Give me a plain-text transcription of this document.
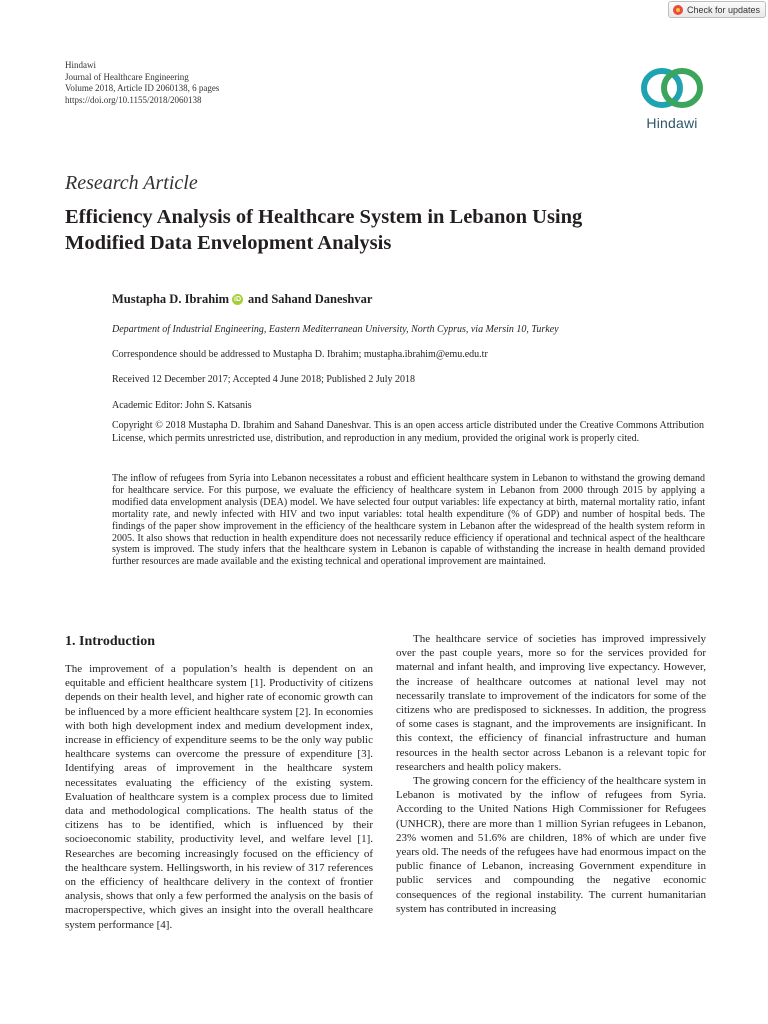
Check for updates
Hindawi
Journal of Healthcare Engineering
Volume 2018, Article ID 2060138, 6 pages
https://doi.org/10.1155/2018/2060138
Hindawi
Research Article
Efficiency Analysis of Healthcare System in Lebanon Using
Modified Data Envelopment Analysis
Mustapha D. Ibrahim iD and Sahand Daneshvar
Department of Industrial Engineering, Eastern Mediterranean University, North Cyprus, via Mersin 10, Turkey
Correspondence should be addressed to Mustapha D. Ibrahim; mustapha.ibrahim@emu.edu.tr
Received 12 December 2017; Accepted 4 June 2018; Published 2 July 2018
Academic Editor: John S. Katsanis
Copyright © 2018 Mustapha D. Ibrahim and Sahand Daneshvar. This is an open access article distributed under the Creative Commons Attribution License, which permits unrestricted use, distribution, and reproduction in any medium, provided the original work is properly cited.
The inflow of refugees from Syria into Lebanon necessitates a robust and efficient healthcare system in Lebanon to withstand the growing demand for healthcare service. For this purpose, we evaluate the efficiency of healthcare system in Lebanon from 2000 through 2015 by applying a modified data envelopment analysis (DEA) model. We have selected four output variables: life expectancy at birth, maternal mortality ratio, infant mortality rate, and newly infected with HIV and two input variables: total health expenditure (% of GDP) and number of hospital beds. The findings of the paper show improvement in the efficiency of the healthcare system in Lebanon after the widespread of the health system reform in 2005. It also shows that reduction in health expenditure does not necessarily reduce efficiency if operational and technical aspect of the healthcare system is improved. The study infers that the healthcare system in Lebanon is capable of withstanding the increase in health demand provided further resources are made available and the existing technical and operational improvement are maintained.
1. Introduction

The improvement of a population’s health is dependent on an equitable and efficient healthcare system [1]. Productivity of citizens depends on their health level, and higher rate of economic growth can be influenced by a more efficient healthcare system [2]. In economies with both high development index and medium development index, increase in efficiency of expenditure seems to be the only way public healthcare systems can overcome the pressure of expenditure [3]. Identifying areas of improvement in the healthcare system necessitates evaluating the efficiency of the existing system. Evaluation of healthcare system is a complex process due to limited data and methodological complications. The health status of the citizens has to be identified, which is influenced by their socioeconomic stability, productivity level, and welfare level [1]. Researches are becoming increasingly focused on the efficiency of the healthcare system. Hellingsworth, in his review of 317 references on the efficiency of healthcare delivery in the context of frontier analysis, shows that only a few performed the analysis on the basis of macroperspective, which gives an insight into the overall healthcare system performance [4].

The healthcare service of societies has improved impressively over the past couple years, more so for the services provided for maternal and infant health, and improving live expectancy. However, the increase of healthcare outcomes at national level may not necessarily translate to improvement of the indicators for some of the citizens who are predisposed to sicknesses. In addition, the progress of some cases is stagnant, and the improvements are insignificant. In this context, the efficiency of financial infrastructure and human resources in the health sector across Lebanon is a relevant topic for researchers and health policy makers.

The growing concern for the efficiency of the healthcare system in Lebanon is motivated by the inflow of refugees from Syria. According to the United Nations High Commissioner for Refugees (UNHCR), there are more than 1 million Syrian refugees in Lebanon, 23% women and 51.6% are children, 18% of which are under five years old. The needs of the refugees have had enormous impact on the public finance of Lebanon, increasing Government expenditure in public services and compounding the negative economic consequences of the regional instability. The current humanitarian system has contributed in increasing
